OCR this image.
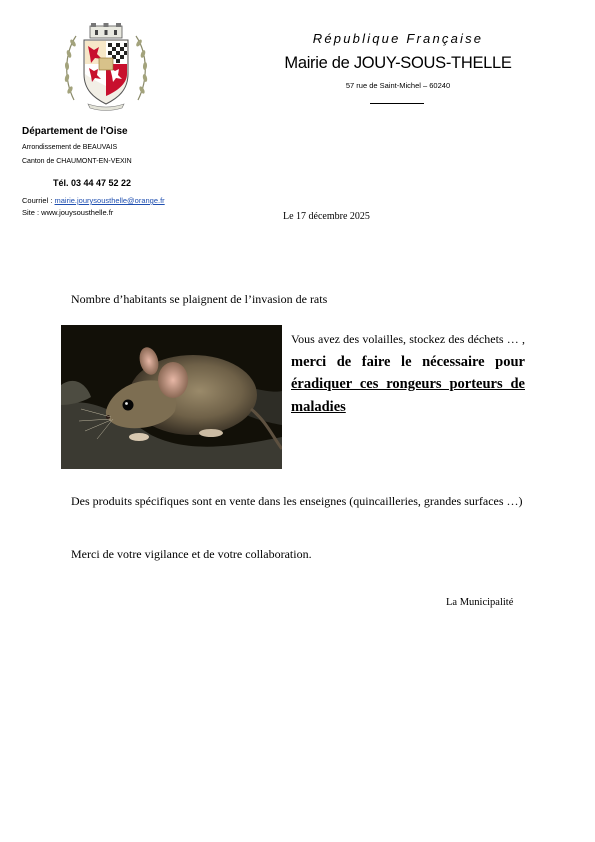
République Française
Mairie de JOUY-SOUS-THELLE
57 rue de Saint-Michel – 60240
Département de l’Oise
Arrondissement de BEAUVAIS
Canton de CHAUMONT-EN-VEXIN
Tél. 03 44 47 52 22
Courriel : mairie.jourysousthelle@orange.fr
Site : www.jouysousthelle.fr	Le 17 décembre 2025
Nombre d’habitants se plaignent de l’invasion de rats
Vous avez des volailles, stockez des déchets … , merci de faire le nécessaire pour éradiquer ces rongeurs porteurs de maladies
Des produits spécifiques sont en vente dans les enseignes (quincailleries, grandes surfaces …)
Merci de votre vigilance et de votre collaboration.
La Municipalité
